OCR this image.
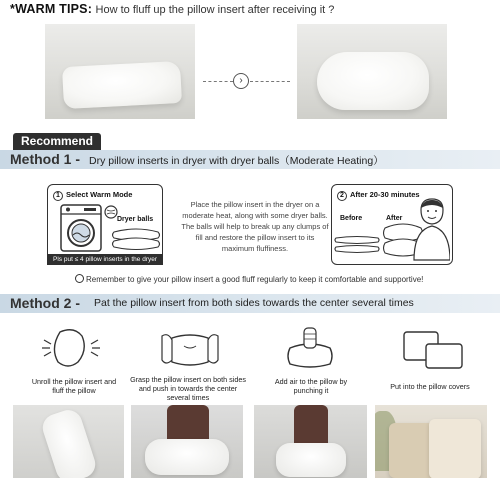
*WARM TIPS: How to fluff up the pillow insert after receiving it ?
›
Recommend
Method 1 - Dry pillow inserts in dryer with dryer balls（Moderate Heating）
1 Select Warm Mode
Dryer balls
Pls put ≤ 4 pillow inserts in the dryer
Place the pillow insert in the dryer on a moderate heat, along with some dryer balls. The balls will help to break up any clumps of fill and restore the pillow insert to its maximum fluffiness.
2 After 20-30 minutes
Before	After
Remember to give your pillow insert a good fluff regularly to keep it comfortable and supportive!
Method 2 - Pat the pillow insert from both sides towards the center several times
Unroll the pillow insert and fluff the pillow
Grasp the pillow insert on both sides and push in towards the center several times
Add air to the pillow by punching it	Put into the pillow covers
